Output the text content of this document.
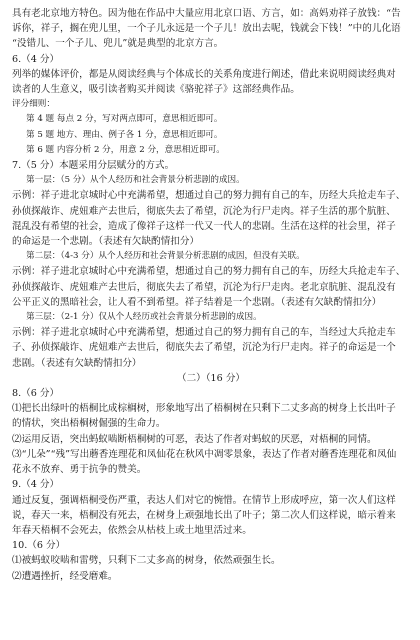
具有老北京地方特色。因为他在作品中大量应用北京口语、方言，如：高妈劝祥子放钱：“告

诉你，祥子，搁在兜儿里，一个子儿永远是一个子儿！放出去呢，钱就会下钱！”中的儿化语

“没错儿、一个子儿、兜儿”就是典型的北京方言。

6.（4 分）

列举的媒体评价，都是从阅读经典与个体成长的关系角度进行阐述，借此来说明阅读经典对

读者的人生意义，吸引读者购买并阅读《骆驼祥子》这部经典作品。

评分细则：

第 4 题 每点 2 分，写对两点即可，意思相近即可。

第 5 题 地方、理由、例子各 1 分，意思相近即可。

第 6 题 内容分析 2 分，用意 2 分，意思相近即可。

7.（5 分）本题采用分层赋分的方式。

第一层：（5 分）从个人经历和社会背景分析悲剧的成因。

示例：祥子进北京城时心中充满希望，想通过自己的努力拥有自己的车，历经大兵抢走车子、

孙侦探敲诈、虎妞难产去世后，彻底失去了希望，沉沦为行尸走肉。祥子生活的那个肮脏、

混乱没有希望的社会，造成了像祥子这样一代又一代人的悲剧。生活在这样的社会里，祥子

的命运是一个悲剧。（表述有欠缺酌情扣分）

第二层：（4-3 分）从个人经历和社会背景分析悲剧的成因，但没有关联。

示例：祥子进北京城时心中充满希望，想通过自己的努力拥有自己的车，历经大兵抢走车子、

孙侦探敲诈、虎妞难产去世后，彻底失去了希望，沉沦为行尸走肉。老北京肮脏、混乱没有

公平正义的黑暗社会，让人看不到希望。祥子结着是一个悲剧。（表述有欠缺酌情扣分）

第三层：（2-1 分）仅从个人经历或社会背景分析悲剧的成因。

示例：祥子进北京城时心中充满希望，想通过自己的努力拥有自己的车，当经过大兵抢走车

子、孙侦探敲诈、虎妞难产去世后，彻底失去了希望，沉沦为行尸走肉。祥子的命运是一个

悲剧。（表述有欠缺酌情扣分）

（二）（16 分）

8.（6 分）

⑴把长出绿叶的梧桐比成棕榈树，形象地写出了梧桐树在只剩下二丈多高的树身上长出叶子

的情状，突出梧桐树倔强的生命力。

⑵运用反语，突出蚂蚁啮断梧桐树的可恶，表达了作者对蚂蚁的厌恶，对梧桐的同情。

⑶“儿朵”“残”写出蘑香连理花和凤仙花在秋风中凋零景象，表达了作者对蘑香连理花和凤仙

花永不放弃、勇于抗争的赞美。

9.（4 分）

通过反复，强调梧桐受伤严重，表达人们对它的惋惜。在情节上形成呼应，第一次人们这样

说，春天一来，梧桐没有死去，在树身上顽强地长出了叶子；第二次人们这样说，暗示着来

年春天梧桐不会死去，依然会从枯枝上或土地里活过来。

10.（6 分）

⑴被蚂蚁咬啮和雷劈，只剩下二丈多高的树身，依然顽强生长。

⑵遭遇挫折，经受磨难。
